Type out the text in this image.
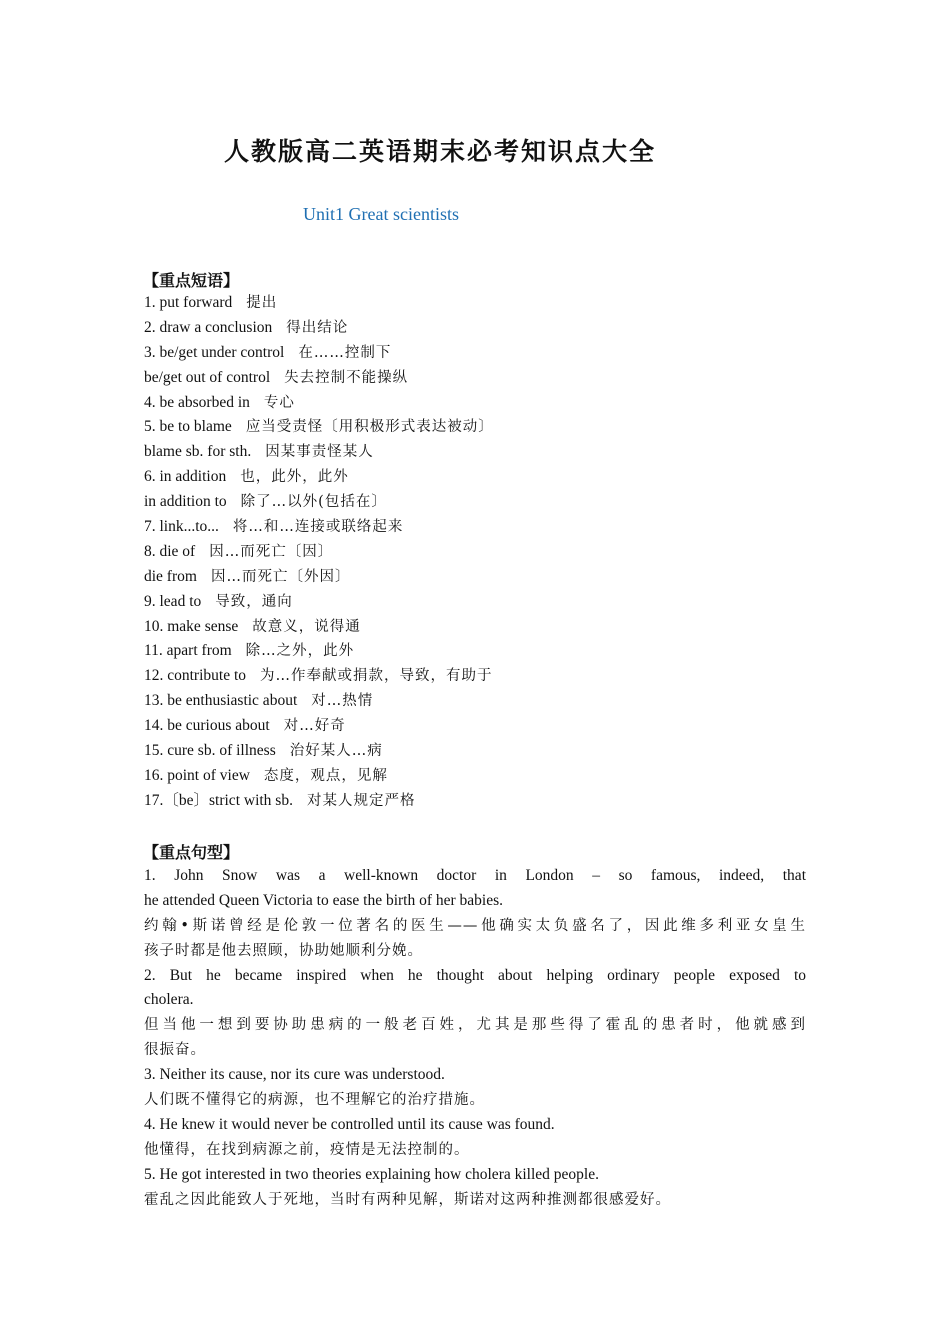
人教版高二英语期末必考知识点大全
Unit1 Great scientists
【重点短语】
1. put forward 提出
2. draw a conclusion 得出结论
3. be/get under control 在……控制下
be/get out of control 失去控制不能操纵
4. be absorbed in 专心
5. be to blame 应当受责怪〔用积极形式表达被动〕
blame sb. for sth. 因某事责怪某人
6. in addition 也，此外，此外
in addition to 除了…以外(包括在〕
7. link...to... 将…和…连接或联络起来
8. die of 因…而死亡〔因〕
die from 因…而死亡〔外因〕
9. lead to 导致，通向
10. make sense 故意义，说得通
11. apart from 除…之外，此外
12. contribute to 为…作奉献或捐款，导致，有助于
13. be enthusiastic about 对…热情
14. be curious about 对…好奇
15. cure sb. of illness 治好某人…病
16. point of view 态度，观点，见解
17.〔be〕strict with sb. 对某人规定严格
【重点句型】
1. John Snow was a well-known doctor in London – so famous, indeed, that
he attended Queen Victoria to ease the birth of her babies.
约翰•斯诺曾经是伦敦一位著名的医生——他确实太负盛名了，因此维多利亚女皇生
孩子时都是他去照顾，协助她顺利分娩。
2. But he became inspired when he thought about helping ordinary people exposed to
cholera.
但当他一想到要协助患病的一般老百姓，尤其是那些得了霍乱的患者时，他就感到
很振奋。
3. Neither its cause, nor its cure was understood.
人们既不懂得它的病源，也不理解它的治疗措施。
4. He knew it would never be controlled until its cause was found.
他懂得，在找到病源之前，疫情是无法控制的。
5. He got interested in two theories explaining how cholera killed people.
霍乱之因此能致人于死地，当时有两种见解，斯诺对这两种推测都很感爱好。
